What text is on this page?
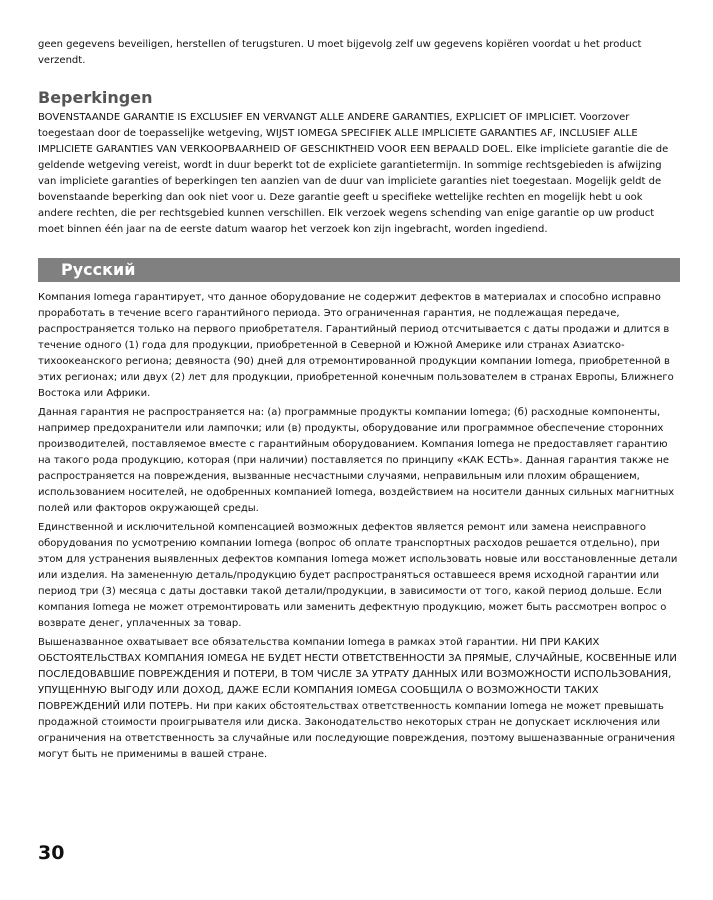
geen gegevens beveiligen, herstellen of terugsturen. U moet bijgevolg zelf uw gegevens kopiëren voordat u het product verzendt.

Beperkingen

BOVENSTAANDE GARANTIE IS EXCLUSIEF EN VERVANGT ALLE ANDERE GARANTIES, EXPLICIET OF IMPLICIET. Voorzover toegestaan door de toepasselijke wetgeving, WIJST IOMEGA SPECIFIEK ALLE IMPLICIETE GARANTIES AF, INCLUSIEF ALLE IMPLICIETE GARANTIES VAN VERKOOPBAARHEID OF GESCHIKTHEID VOOR EEN BEPAALD DOEL. Elke impliciete garantie die de geldende wetgeving vereist, wordt in duur beperkt tot de expliciete garantietermijn. In sommige rechtsgebieden is afwijzing van impliciete garanties of beperkingen ten aanzien van de duur van impliciete garanties niet toegestaan. Mogelijk geldt de bovenstaande beperking dan ook niet voor u. Deze garantie geeft u specifieke wettelijke rechten en mogelijk hebt u ook andere rechten, die per rechtsgebied kunnen verschillen. Elk verzoek wegens schending van enige garantie op uw product moet binnen één jaar na de eerste datum waarop het verzoek kon zijn ingebracht, worden ingediend.

Русский

Компания Iomega гарантирует, что данное оборудование не содержит дефектов в материалах и способно исправно проработать в течение всего гарантийного периода. Это ограниченная гарантия, не подлежащая передаче, распространяется только на первого приобретателя. Гарантийный период отсчитывается с даты продажи и длится в течение одного (1) года для продукции, приобретенной в Северной и Южной Америке или странах Азиатско-тихоокеанского региона; девяноста (90) дней для отремонтированной продукции компании Iomega, приобретенной в этих регионах; или двух (2) лет для продукции, приобретенной конечным пользователем в странах Европы, Ближнего Востока или Африки.

Данная гарантия не распространяется на: (а) программные продукты компании Iomega; (б) расходные компоненты, например предохранители или лампочки; или (в) продукты, оборудование или программное обеспечение сторонних производителей, поставляемое вместе с гарантийным оборудованием. Компания Iomega не предоставляет гарантию на такого рода продукцию, которая (при наличии) поставляется по принципу «КАК ЕСТЬ». Данная гарантия также не распространяется на повреждения, вызванные несчастными случаями, неправильным или плохим обращением, использованием носителей, не одобренных компанией Iomega, воздействием на носители данных сильных магнитных полей или факторов окружающей среды.

Единственной и исключительной компенсацией возможных дефектов является ремонт или замена неисправного оборудования по усмотрению компании Iomega (вопрос об оплате транспортных расходов решается отдельно), при этом для устранения выявленных дефектов компания Iomega может использовать новые или восстановленные детали или изделия. На замененную деталь/продукцию будет распространяться оставшееся время исходной гарантии или период три (3) месяца с даты доставки такой детали/продукции, в зависимости от того, какой период дольше. Если компания Iomega не может отремонтировать или заменить дефектную продукцию, может быть рассмотрен вопрос о возврате денег, уплаченных за товар.

Вышеназванное охватывает все обязательства компании Iomega в рамках этой гарантии. НИ ПРИ КАКИХ ОБСТОЯТЕЛЬСТВАХ КОМПАНИЯ IOMEGA НЕ БУДЕТ НЕСТИ ОТВЕТСТВЕННОСТИ ЗА ПРЯМЫЕ, СЛУЧАЙНЫЕ, КОСВЕННЫЕ ИЛИ ПОСЛЕДОВАВШИЕ ПОВРЕЖДЕНИЯ И ПОТЕРИ, В ТОМ ЧИСЛЕ ЗА УТРАТУ ДАННЫХ ИЛИ ВОЗМОЖНОСТИ ИСПОЛЬЗОВАНИЯ, УПУЩЕННУЮ ВЫГОДУ ИЛИ ДОХОД, ДАЖЕ ЕСЛИ КОМПАНИЯ IOMEGA СООБЩИЛА О ВОЗМОЖНОСТИ ТАКИХ ПОВРЕЖДЕНИЙ ИЛИ ПОТЕРЬ. Ни при каких обстоятельствах ответственность компании Iomega не может превышать продажной стоимости проигрывателя или диска. Законодательство некоторых стран не допускает исключения или ограничения на ответственность за случайные или последующие повреждения, поэтому вышеназванные ограничения могут быть не применимы в вашей стране.

30
